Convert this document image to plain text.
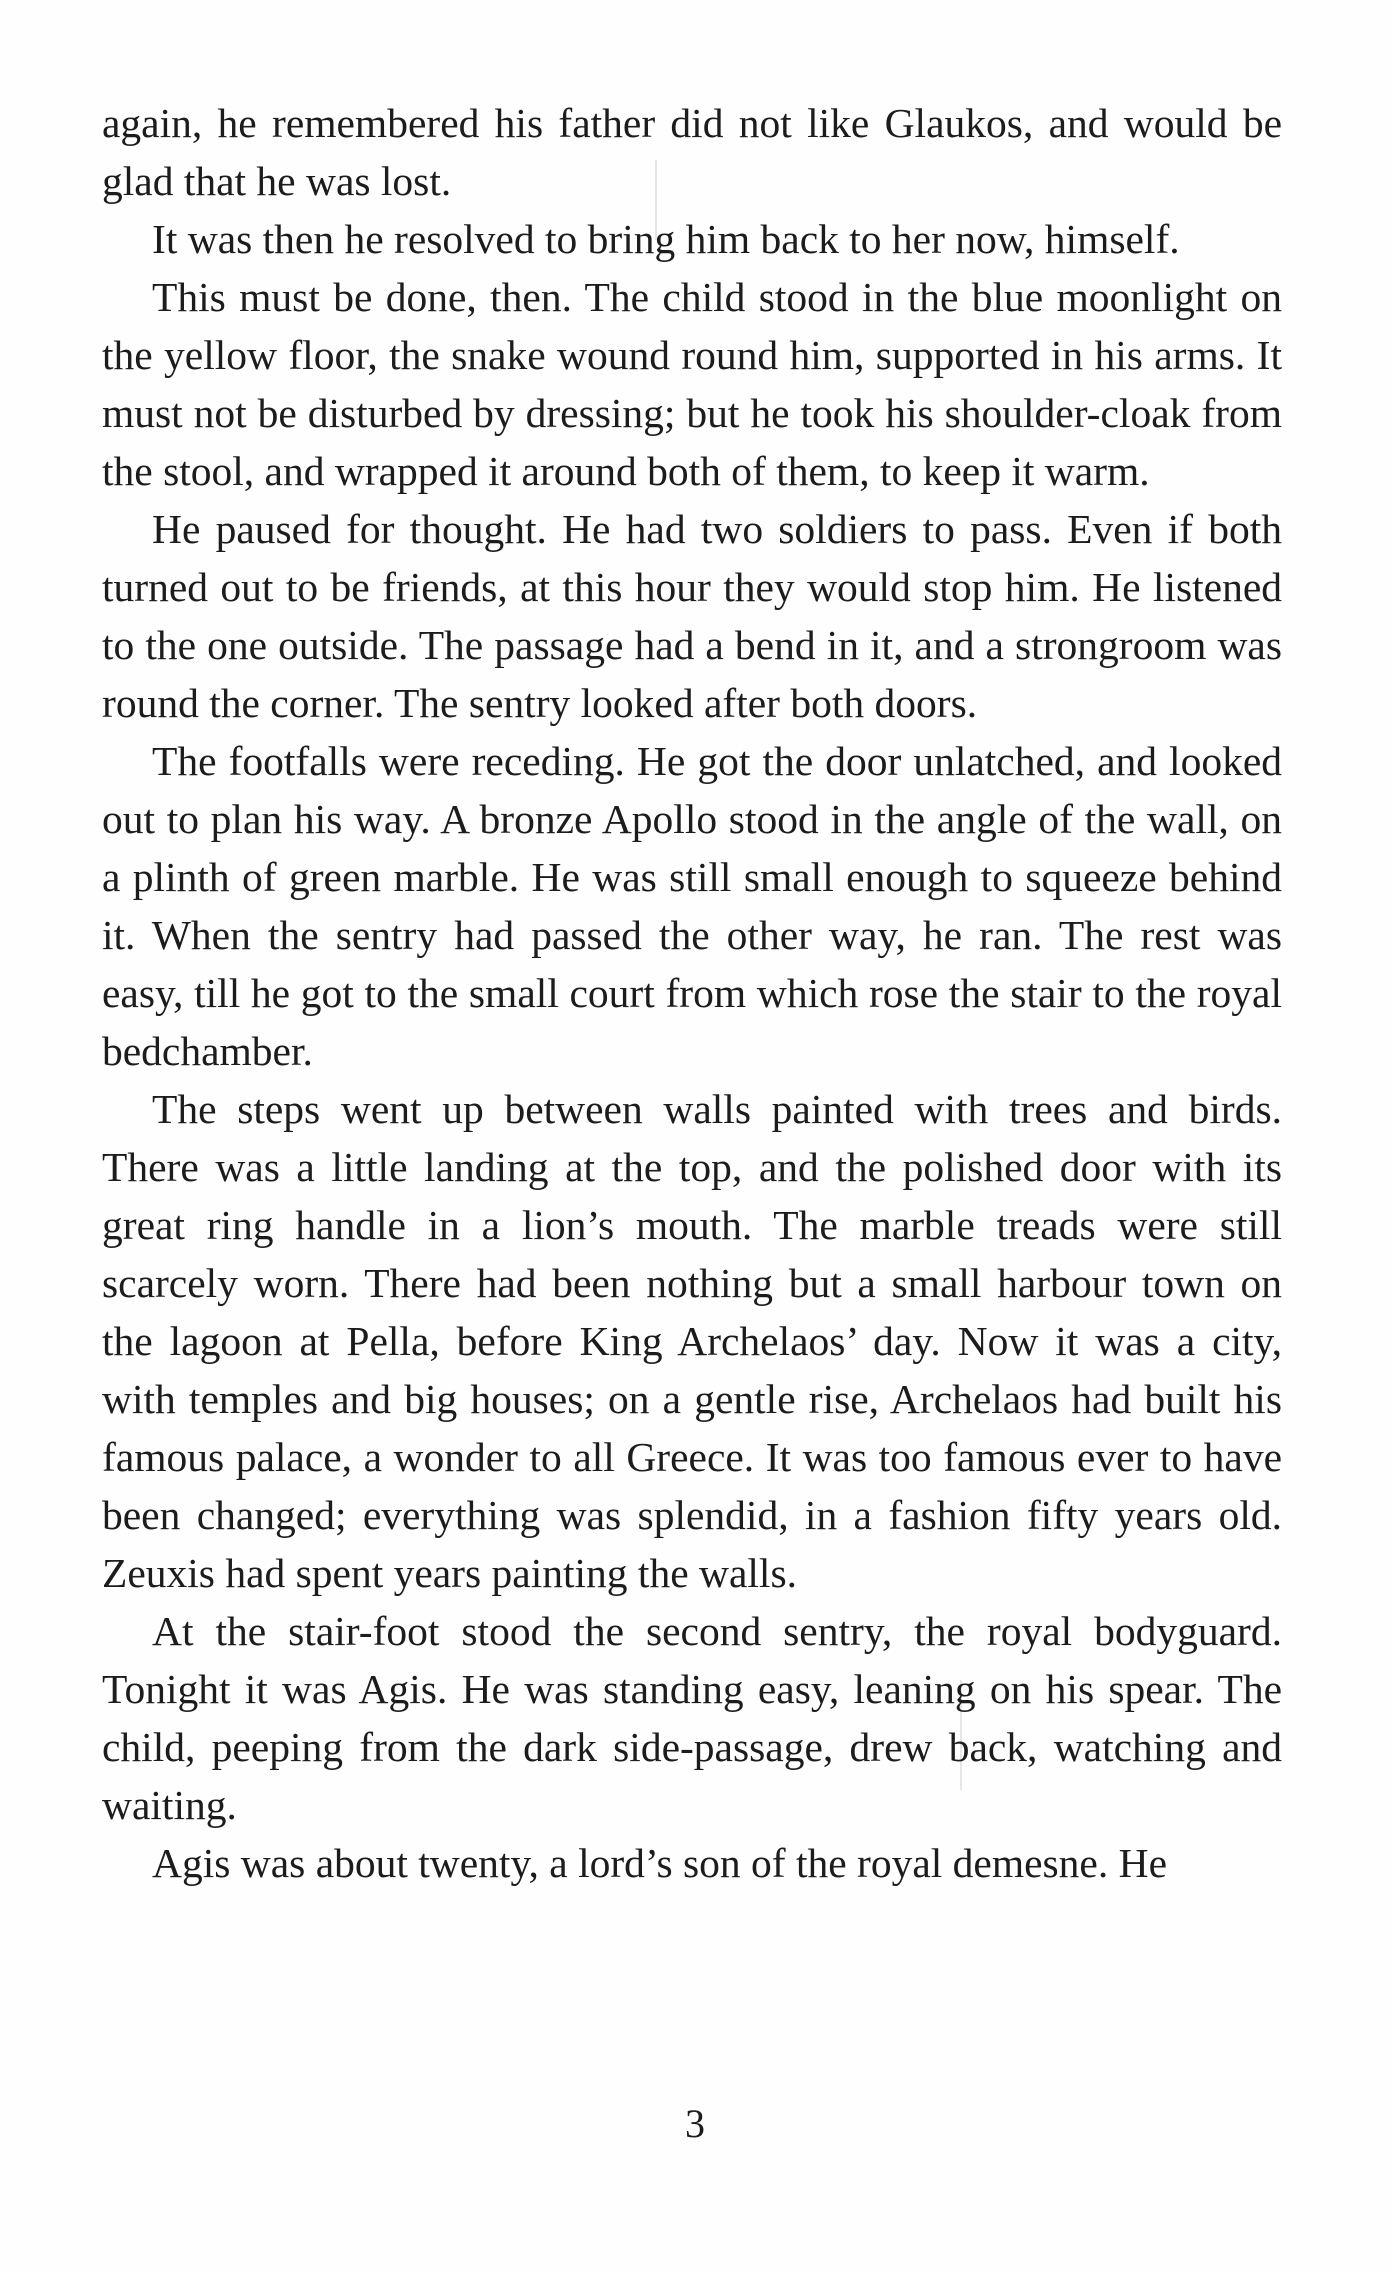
again, he remembered his father did not like Glaukos, and would be glad that he was lost.

It was then he resolved to bring him back to her now, himself.

This must be done, then. The child stood in the blue moonlight on the yellow floor, the snake wound round him, supported in his arms. It must not be disturbed by dressing; but he took his shoulder-cloak from the stool, and wrapped it around both of them, to keep it warm.

He paused for thought. He had two soldiers to pass. Even if both turned out to be friends, at this hour they would stop him. He listened to the one outside. The passage had a bend in it, and a strongroom was round the corner. The sentry looked after both doors.

The footfalls were receding. He got the door unlatched, and looked out to plan his way. A bronze Apollo stood in the angle of the wall, on a plinth of green marble. He was still small enough to squeeze behind it. When the sentry had passed the other way, he ran. The rest was easy, till he got to the small court from which rose the stair to the royal bedchamber.

The steps went up between walls painted with trees and birds. There was a little landing at the top, and the polished door with its great ring handle in a lion’s mouth. The marble treads were still scarcely worn. There had been nothing but a small harbour town on the lagoon at Pella, before King Archelaos’ day. Now it was a city, with temples and big houses; on a gentle rise, Archelaos had built his famous palace, a wonder to all Greece. It was too famous ever to have been changed; everything was splendid, in a fashion fifty years old. Zeuxis had spent years painting the walls.

At the stair-foot stood the second sentry, the royal bodyguard. Tonight it was Agis. He was standing easy, leaning on his spear. The child, peeping from the dark side-passage, drew back, watching and waiting.

Agis was about twenty, a lord’s son of the royal demesne. He

3
